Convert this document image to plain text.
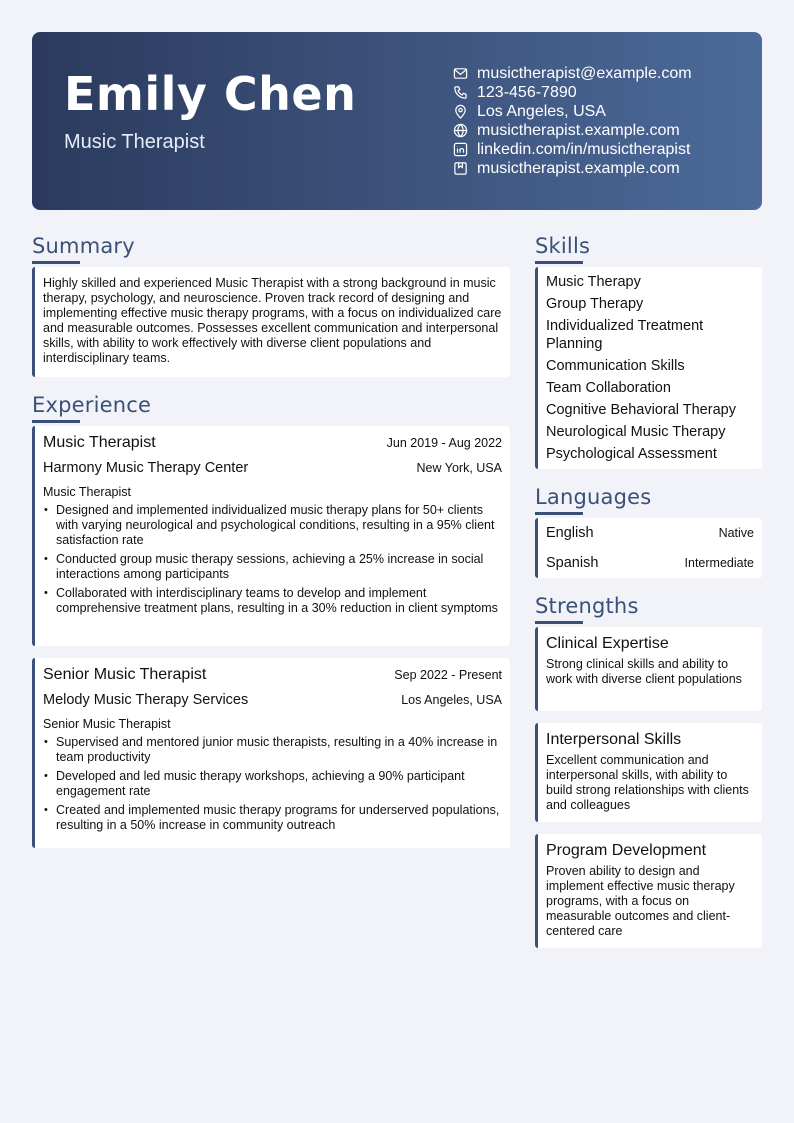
Emily Chen
Music Therapist
musictherapist@example.com
123-456-7890
Los Angeles, USA
musictherapist.example.com
linkedin.com/in/musictherapist
musictherapist.example.com
Summary
Highly skilled and experienced Music Therapist with a strong background in music therapy, psychology, and neuroscience. Proven track record of designing and implementing effective music therapy programs, with a focus on individualized care and measurable outcomes. Possesses excellent communication and interpersonal skills, with ability to work effectively with diverse client populations and interdisciplinary teams.
Experience
Music Therapist	Jun 2019 - Aug 2022
Harmony Music Therapy Center	New York, USA
Music Therapist
• Designed and implemented individualized music therapy plans for 50+ clients with varying neurological and psychological conditions, resulting in a 95% client satisfaction rate
• Conducted group music therapy sessions, achieving a 25% increase in social interactions among participants
• Collaborated with interdisciplinary teams to develop and implement comprehensive treatment plans, resulting in a 30% reduction in client symptoms
Senior Music Therapist	Sep 2022 - Present
Melody Music Therapy Services	Los Angeles, USA
Senior Music Therapist
• Supervised and mentored junior music therapists, resulting in a 40% increase in team productivity
• Developed and led music therapy workshops, achieving a 90% participant engagement rate
• Created and implemented music therapy programs for underserved populations, resulting in a 50% increase in community outreach
Skills
Music Therapy
Group Therapy
Individualized Treatment Planning
Communication Skills
Team Collaboration
Cognitive Behavioral Therapy
Neurological Music Therapy
Psychological Assessment
Languages
English	Native
Spanish	Intermediate
Strengths
Clinical Expertise
Strong clinical skills and ability to work with diverse client populations
Interpersonal Skills
Excellent communication and interpersonal skills, with ability to build strong relationships with clients and colleagues
Program Development
Proven ability to design and implement effective music therapy programs, with a focus on measurable outcomes and client-centered care
